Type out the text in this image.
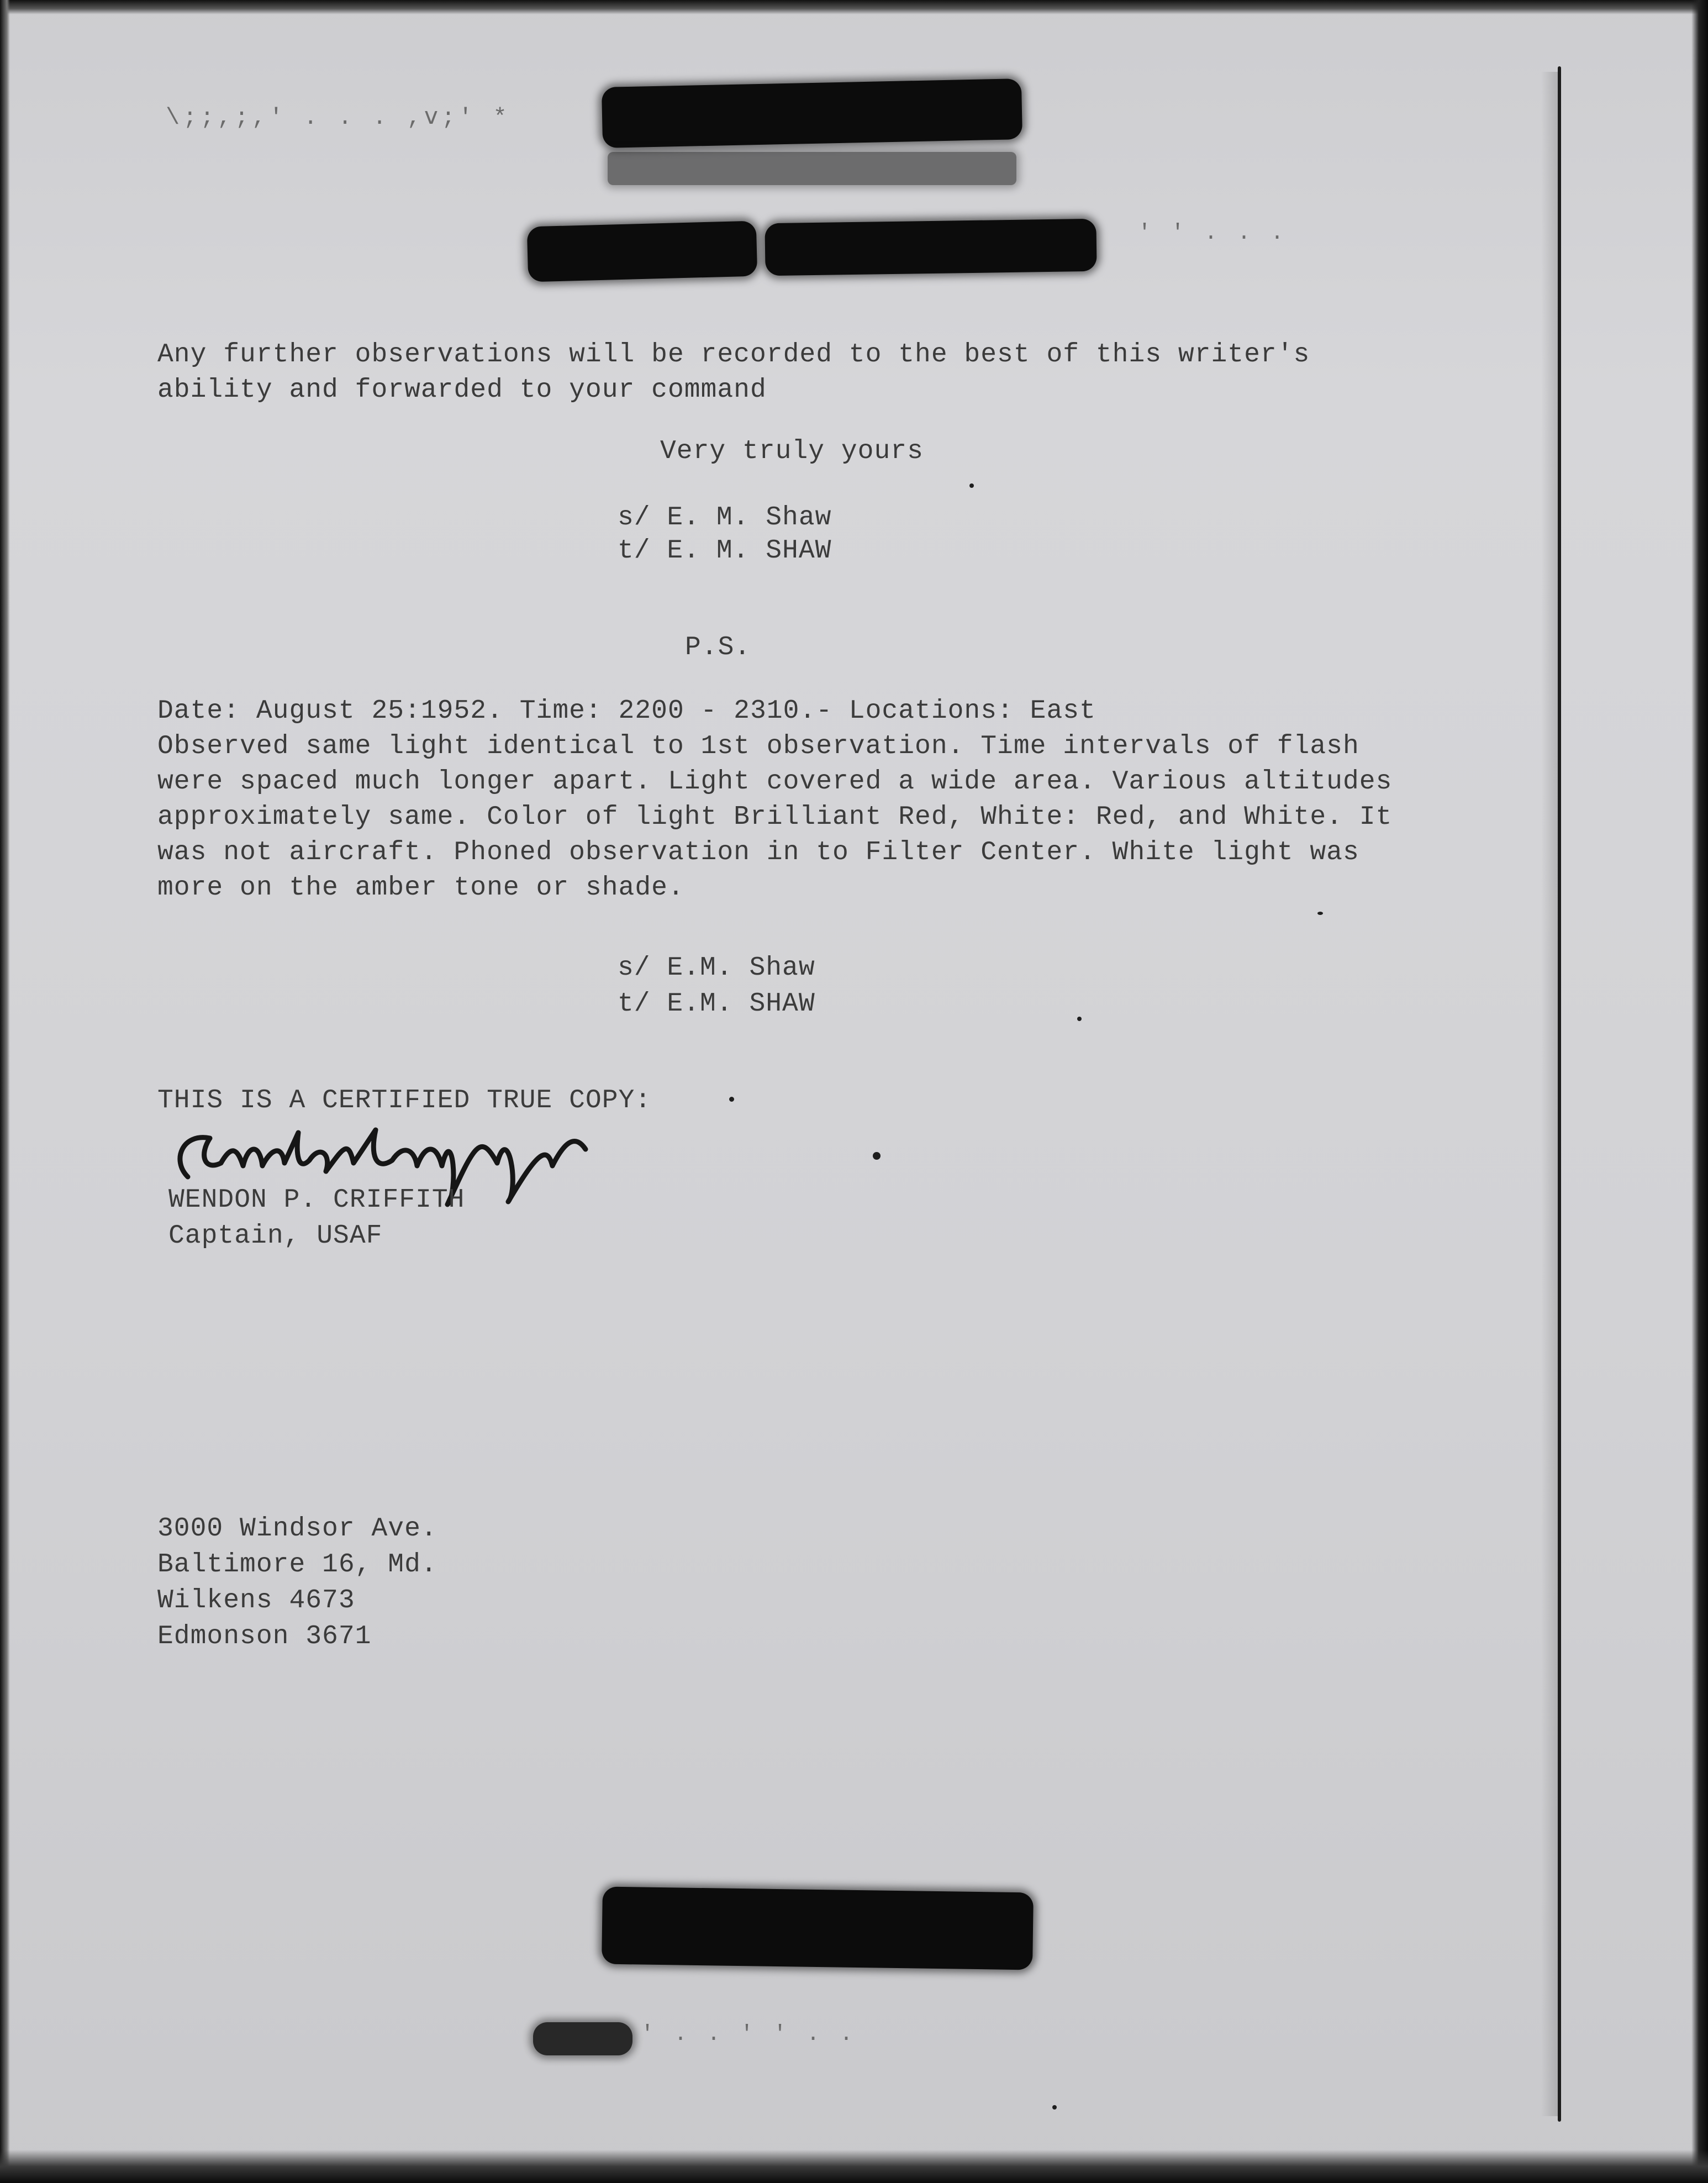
\;;,;,' . . . ,ⅴ;' *
' ' . . .
Any further observations will be recorded to the best of this writer's
ability and forwarded to your command
Very truly yours
s/ E. M. Shaw
t/ E. M. SHAW
P.S.
Date: August 25:1952. Time: 2200 - 2310.- Locations: East
Observed same light identical to 1st observation. Time intervals of flash
were spaced much longer apart. Light covered a wide area. Various altitudes
approximately same. Color of light Brilliant Red, White: Red, and White. It
was not aircraft. Phoned observation in to Filter Center. White light was
more on the amber tone or shade.
s/ E.M. Shaw
t/ E.M. SHAW
THIS IS A CERTIFIED TRUE COPY:
WENDON P. CRIFFITH
Captain, USAF
3000 Windsor Ave.
Baltimore 16, Md.
Wilkens 4673
Edmonson 3671
' . . ' ' . .
